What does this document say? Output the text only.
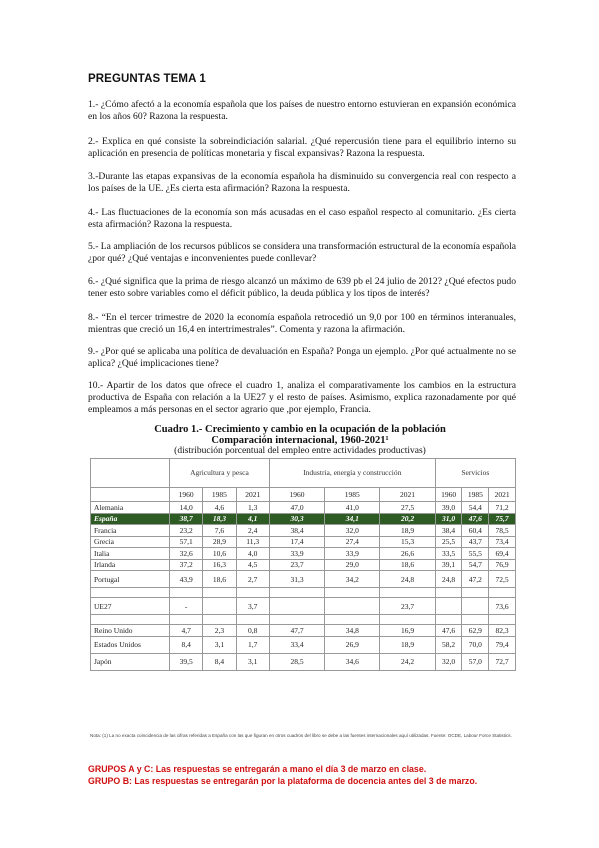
PREGUNTAS TEMA 1
1.- ¿Cómo afectó a la economía española que los países de nuestro entorno estuvieran en expansión económica en los años 60? Razona la respuesta.
2.- Explica en qué consiste la sobreindiciación salarial. ¿Qué repercusión tiene para el equilibrio interno su aplicación en presencia de políticas monetaria y fiscal expansivas? Razona la respuesta.
3.-Durante las etapas expansivas de la economía española ha disminuido su convergencia real con respecto a los países de la UE. ¿Es cierta esta afirmación? Razona la respuesta.
4.- Las fluctuaciones de la economía son más acusadas en el caso español respecto al comunitario. ¿Es cierta esta afirmación? Razona la respuesta.
5.- La ampliación de los recursos públicos se considera una transformación estructural de la economía española ¿por qué? ¿Qué ventajas e inconvenientes puede conllevar?
6.- ¿Qué significa que la prima de riesgo alcanzó un máximo de 639 pb el 24 julio de 2012? ¿Qué efectos pudo tener esto sobre variables como el déficit público, la deuda pública y los tipos de interés?
8.- “En el tercer trimestre de 2020 la economía española retrocedió un 9,0 por 100 en términos interanuales, mientras que creció un 16,4 en intertrimestrales”. Comenta y razona la afirmación.
9.- ¿Por qué se aplicaba una política de devaluación en España? Ponga un ejemplo. ¿Por qué actualmente no se aplica? ¿Qué implicaciones tiene?
10.- Apartir de los datos que ofrece el cuadro 1, analiza el comparativamente los cambios en la estructura productiva de España con relación a la UE27 y el resto de países. Asimismo, explica razonadamente por qué empleamos a más personas en el sector agrario que ,por ejemplo, Francia.
Cuadro 1.- Crecimiento y cambio en la ocupación de la población
Comparación internacional, 1960-2021¹
(distribución porcentual del empleo entre actividades productivas)
	Agricultura y pesca			Industria, energía y construcción			Servicios		
	1960	1985	2021	1960	1985	2021	1960	1985	2021
Alemania	14,0	4,6	1,3	47,0	41,0	27,5	39,0	54,4	71,2
España	38,7	18,3	4,1	30,3	34,1	20,2	31,0	47,6	75,7
Francia	23,2	7,6	2,4	38,4	32,0	18,9	38,4	60,4	78,5
Grecia	57,1	28,9	11,3	17,4	27,4	15,3	25,5	43,7	73,4
Italia	32,6	10,6	4,0	33,9	33,9	26,6	33,5	55,5	69,4
Irlanda	37,2	16,3	4,5	23,7	29,0	18,6	39,1	54,7	76,9
Portugal	43,9	18,6	2,7	31,3	34,2	24,8	24,8	47,2	72,5

UE27	-		3,7			23,7			73,6

Reino Unido	4,7	2,3	0,8	47,7	34,8	16,9	47,6	62,9	82,3
Estados Unidos	8,4	3,1	1,7	33,4	26,9	18,9	58,2	70,0	79,4
Japón	39,5	8,4	3,1	28,5	34,6	24,2	32,0	57,0	72,7
Nota: (1) La no exacta coincidencia de las cifras referidas a España con las que figuran en otros cuadros del libro se debe a las fuentes internacionales aquí utilizadas. Fuente: OCDE, Labour Force Statistics.
GRUPOS A y C: Las respuestas se entregarán a mano el día 3 de marzo en clase.
GRUPO B: Las respuestas se entregarán por la plataforma de docencia antes del 3 de marzo.
